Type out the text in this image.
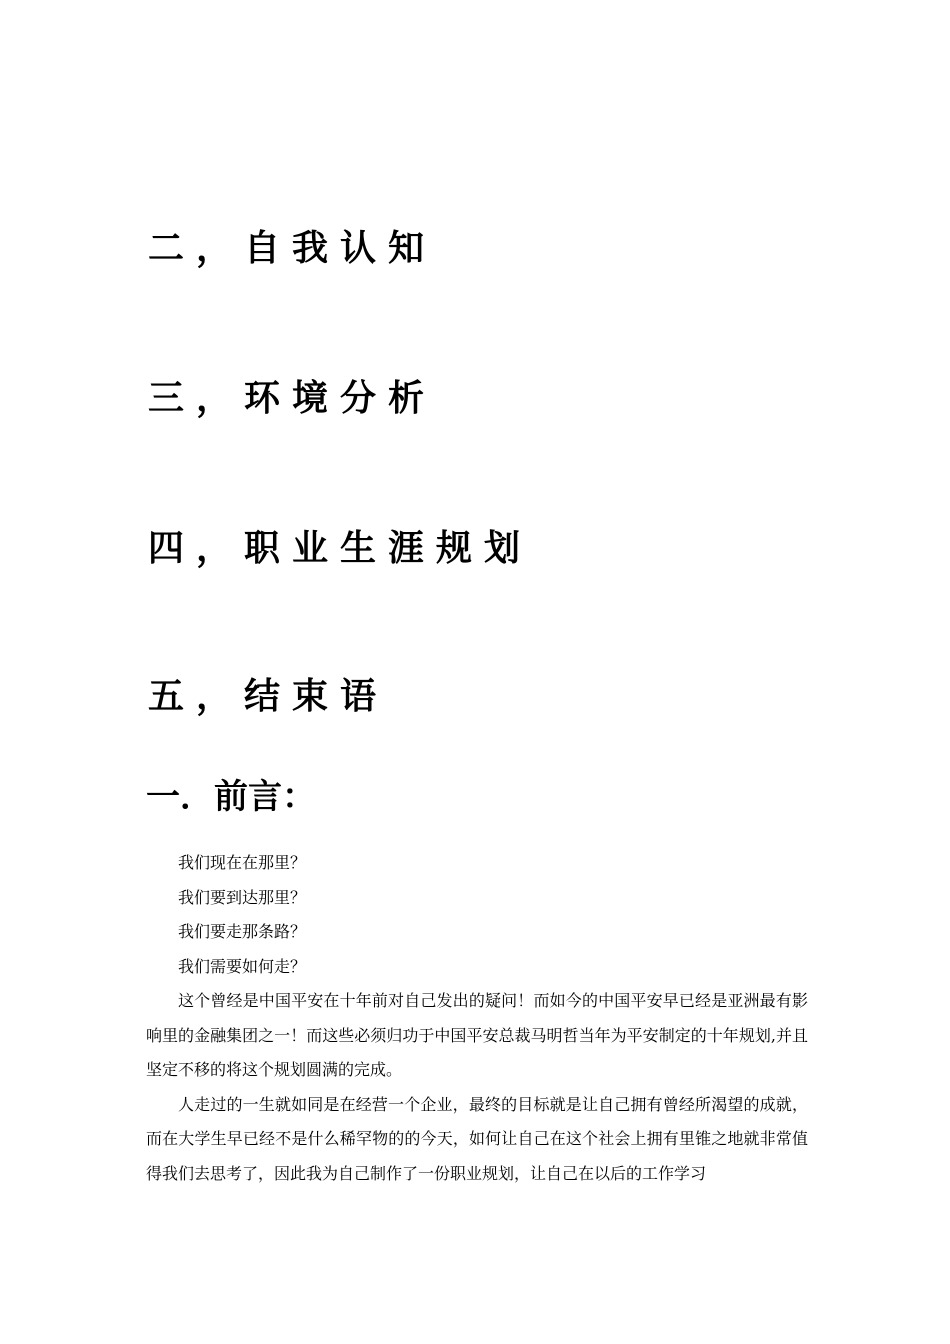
二，自我认知
三，环境分析
四，职业生涯规划
五，结束语
一．前言：

我们现在在那里？

我们要到达那里？

我们要走那条路？

我们需要如何走？

这个曾经是中国平安在十年前对自己发出的疑问！而如今的中国平安早已经是亚洲最有影响里的金融集团之一！而这些必须归功于中国平安总裁马明哲当年为平安制定的十年规划,并且坚定不移的将这个规划圆满的完成。

人走过的一生就如同是在经营一个企业，最终的目标就是让自己拥有曾经所渴望的成就，而在大学生早已经不是什么稀罕物的的今天，如何让自己在这个社会上拥有里锥之地就非常值得我们去思考了，因此我为自己制作了一份职业规划，让自己在以后的工作学习
